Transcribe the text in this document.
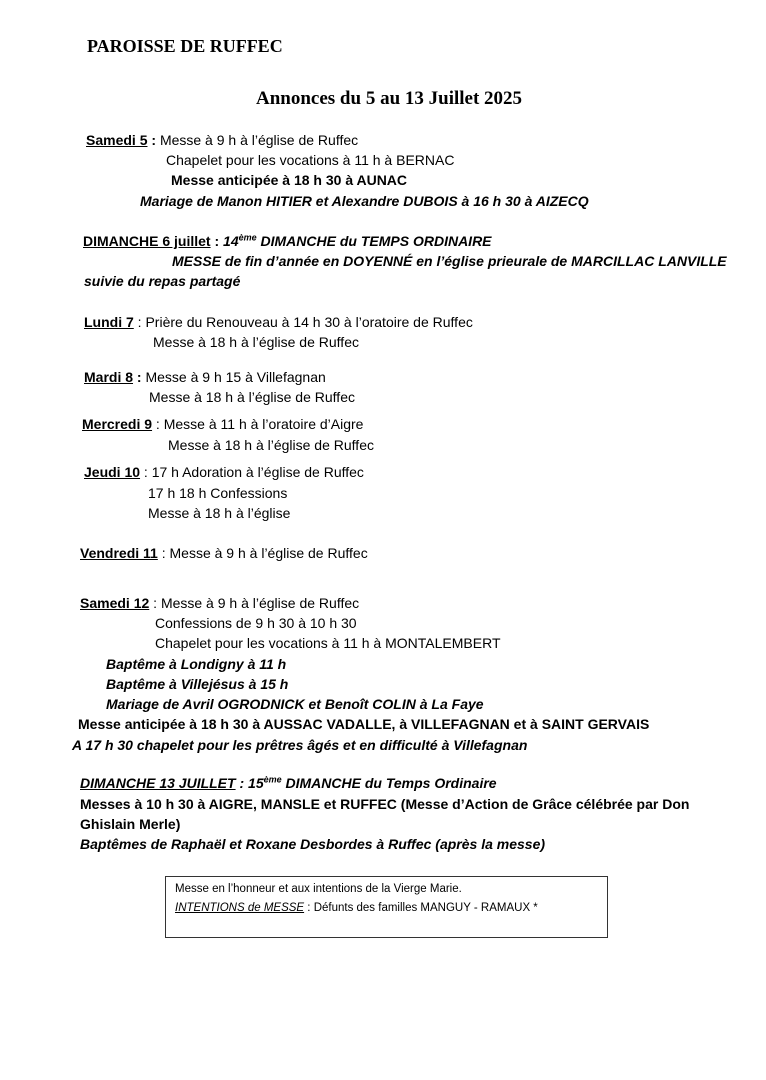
PAROISSE DE RUFFEC
Annonces du 5 au 13 Juillet 2025
Samedi 5 : Messe à 9 h à l’église de Ruffec
Chapelet pour les vocations à 11 h à BERNAC
Messe anticipée à 18 h 30 à AUNAC
Mariage de Manon HITIER et Alexandre DUBOIS à 16 h 30 à AIZECQ
DIMANCHE 6 juillet : 14ème DIMANCHE du TEMPS ORDINAIRE
MESSE de fin d’année en DOYENNÉ en l’église prieurale de MARCILLAC LANVILLE
suivie du repas partagé
Lundi 7 : Prière du Renouveau à 14 h 30 à l’oratoire de Ruffec
Messe à 18 h à l’église de Ruffec
Mardi 8 : Messe à 9 h 15 à Villefagnan
Messe à 18 h à l’église de Ruffec
Mercredi 9 : Messe à 11 h à l’oratoire d’Aigre
Messe à 18 h à l’église de Ruffec
Jeudi 10 : 17 h Adoration à l’église de Ruffec
17 h 18 h Confessions
Messe à 18 h à l’église
Vendredi 11 : Messe à 9 h à l’église de Ruffec
Samedi 12 : Messe à 9 h à l’église de Ruffec
Confessions de 9 h 30 à 10 h 30
Chapelet pour les vocations à 11 h à MONTALEMBERT
Baptême à Londigny à 11 h
Baptême à Villejésus à 15 h
Mariage de Avril OGRODNICK et Benoît COLIN à La Faye
Messe anticipée à 18 h 30 à AUSSAC VADALLE, à VILLEFAGNAN et à SAINT GERVAIS
A 17 h 30 chapelet pour les prêtres âgés et en difficulté à Villefagnan
DIMANCHE 13 JUILLET : 15ème DIMANCHE du Temps Ordinaire
Messes à 10 h 30 à AIGRE, MANSLE et RUFFEC (Messe d’Action de Grâce célébrée par Don
Ghislain Merle)
Baptêmes de Raphaël et Roxane Desbordes à Ruffec (après la messe)
Messe en l’honneur et aux intentions de la Vierge Marie.
INTENTIONS de MESSE : Défunts des familles MANGUY - RAMAUX *
